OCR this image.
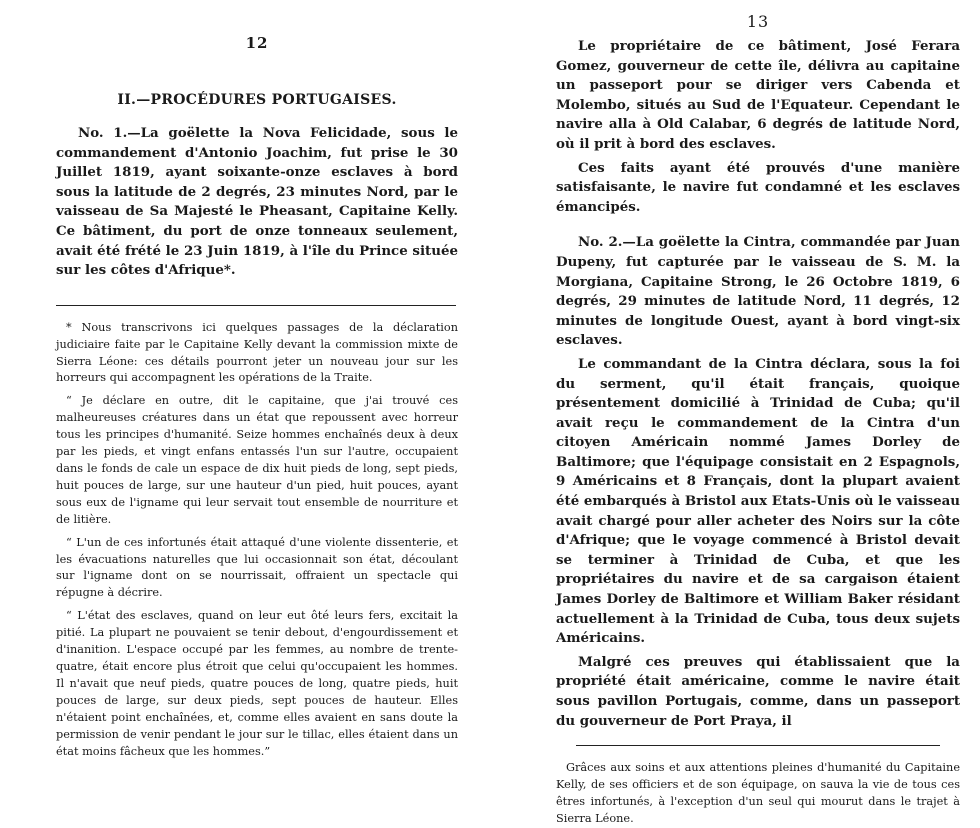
12
II.—PROCÉDURES PORTUGAISES.

No. 1.—La goëlette la Nova Felicidade, sous le commandement d'Antonio Joachim, fut prise le 30 Juillet 1819, ayant soixante-onze esclaves à bord sous la latitude de 2 degrés, 23 minutes Nord, par le vaisseau de Sa Majesté le Pheasant, Capitaine Kelly. Ce bâtiment, du port de onze tonneaux seulement, avait été frété le 23 Juin 1819, à l'île du Prince située sur les côtes d'Afrique*.

* Nous transcrivons ici quelques passages de la déclaration judiciaire faite par le Capitaine Kelly devant la commission mixte de Sierra Léone: ces détails pourront jeter un nouveau jour sur les horreurs qui accompagnent les opérations de la Traite.

“ Je déclare en outre, dit le capitaine, que j'ai trouvé ces malheureuses créatures dans un état que repoussent avec horreur tous les principes d'humanité. Seize hommes enchaînés deux à deux par les pieds, et vingt enfans entassés l'un sur l'autre, occupaient dans le fonds de cale un espace de dix huit pieds de long, sept pieds, huit pouces de large, sur une hauteur d'un pied, huit pouces, ayant sous eux de l'igname qui leur servait tout ensemble de nourriture et de litière.

“ L'un de ces infortunés était attaqué d'une violente dissenterie, et les évacuations naturelles que lui occasionnait son état, découlant sur l'igname dont on se nourrissait, offraient un spectacle qui répugne à décrire.

“ L'état des esclaves, quand on leur eut ôté leurs fers, excitait la pitié. La plupart ne pouvaient se tenir debout, d'engourdissement et d'inanition. L'espace occupé par les femmes, au nombre de trente-quatre, était encore plus étroit que celui qu'occupaient les hommes. Il n'avait que neuf pieds, quatre pouces de long, quatre pieds, huit pouces de large, sur deux pieds, sept pouces de hauteur. Elles n'étaient point enchaînées, et, comme elles avaient en sans doute la permission de venir pendant le jour sur le tillac, elles étaient dans un état moins fâcheux que les hommes.”

13

Le propriétaire de ce bâtiment, José Ferara Gomez, gouverneur de cette île, délivra au capitaine un passeport pour se diriger vers Cabenda et Molembo, situés au Sud de l'Equateur. Cependant le navire alla à Old Calabar, 6 degrés de latitude Nord, où il prit à bord des esclaves.

Ces faits ayant été prouvés d'une manière satisfaisante, le navire fut condamné et les esclaves émancipés.

No. 2.—La goëlette la Cintra, commandée par Juan Dupeny, fut capturée par le vaisseau de S. M. la Morgiana, Capitaine Strong, le 26 Octobre 1819, 6 degrés, 29 minutes de latitude Nord, 11 degrés, 12 minutes de longitude Ouest, ayant à bord vingt-six esclaves.

Le commandant de la Cintra déclara, sous la foi du serment, qu'il était français, quoique présentement domicilié à Trinidad de Cuba; qu'il avait reçu le commandement de la Cintra d'un citoyen Américain nommé James Dorley de Baltimore; que l'équipage consistait en 2 Espagnols, 9 Américains et 8 Français, dont la plupart avaient été embarqués à Bristol aux Etats-Unis où le vaisseau avait chargé pour aller acheter des Noirs sur la côte d'Afrique; que le voyage commencé à Bristol devait se terminer à Trinidad de Cuba, et que les propriétaires du navire et de sa cargaison étaient James Dorley de Baltimore et William Baker résidant actuellement à la Trinidad de Cuba, tous deux sujets Américains.

Malgré ces preuves qui établissaient que la propriété était américaine, comme le navire était sous pavillon Portugais, comme, dans un passeport du gouverneur de Port Praya, il

Grâces aux soins et aux attentions pleines d'humanité du Capitaine Kelly, de ses officiers et de son équipage, on sauva la vie de tous ces êtres infortunés, à l'exception d'un seul qui mourut dans le trajet à Sierra Léone.
